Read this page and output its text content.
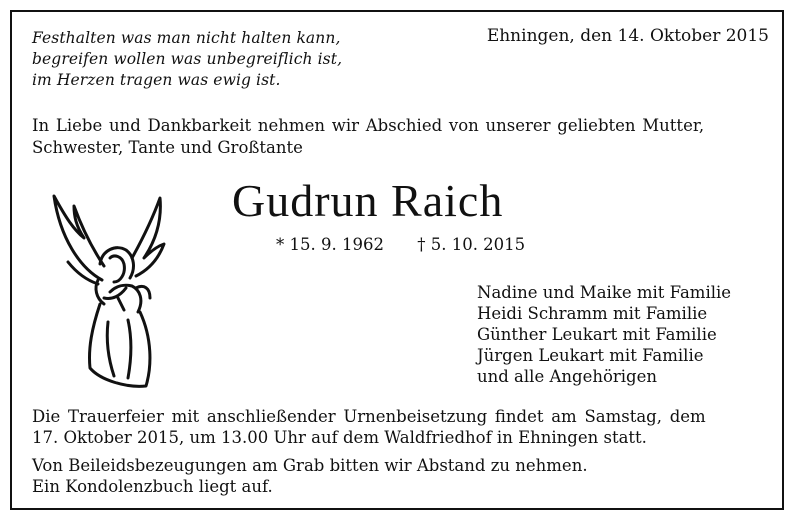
Festhalten was man nicht halten kann,
begreifen wollen was unbegreiflich ist,
im Herzen tragen was ewig ist.
Ehningen, den 14. Oktober 2015
In Liebe und Dankbarkeit nehmen wir Abschied von unserer geliebten Mutter,
Schwester, Tante und Großtante
Gudrun Raich
* 15. 9. 1962 † 5. 10. 2015
Nadine und Maike mit Familie
Heidi Schramm mit Familie
Günther Leukart mit Familie
Jürgen Leukart mit Familie
und alle Angehörigen
Die Trauerfeier mit anschließender Urnenbeisetzung findet am Samstag, dem
17. Oktober 2015, um 13.00 Uhr auf dem Waldfriedhof in Ehningen statt.
Von Beileidsbezeugungen am Grab bitten wir Abstand zu nehmen.
Ein Kondolenzbuch liegt auf.
